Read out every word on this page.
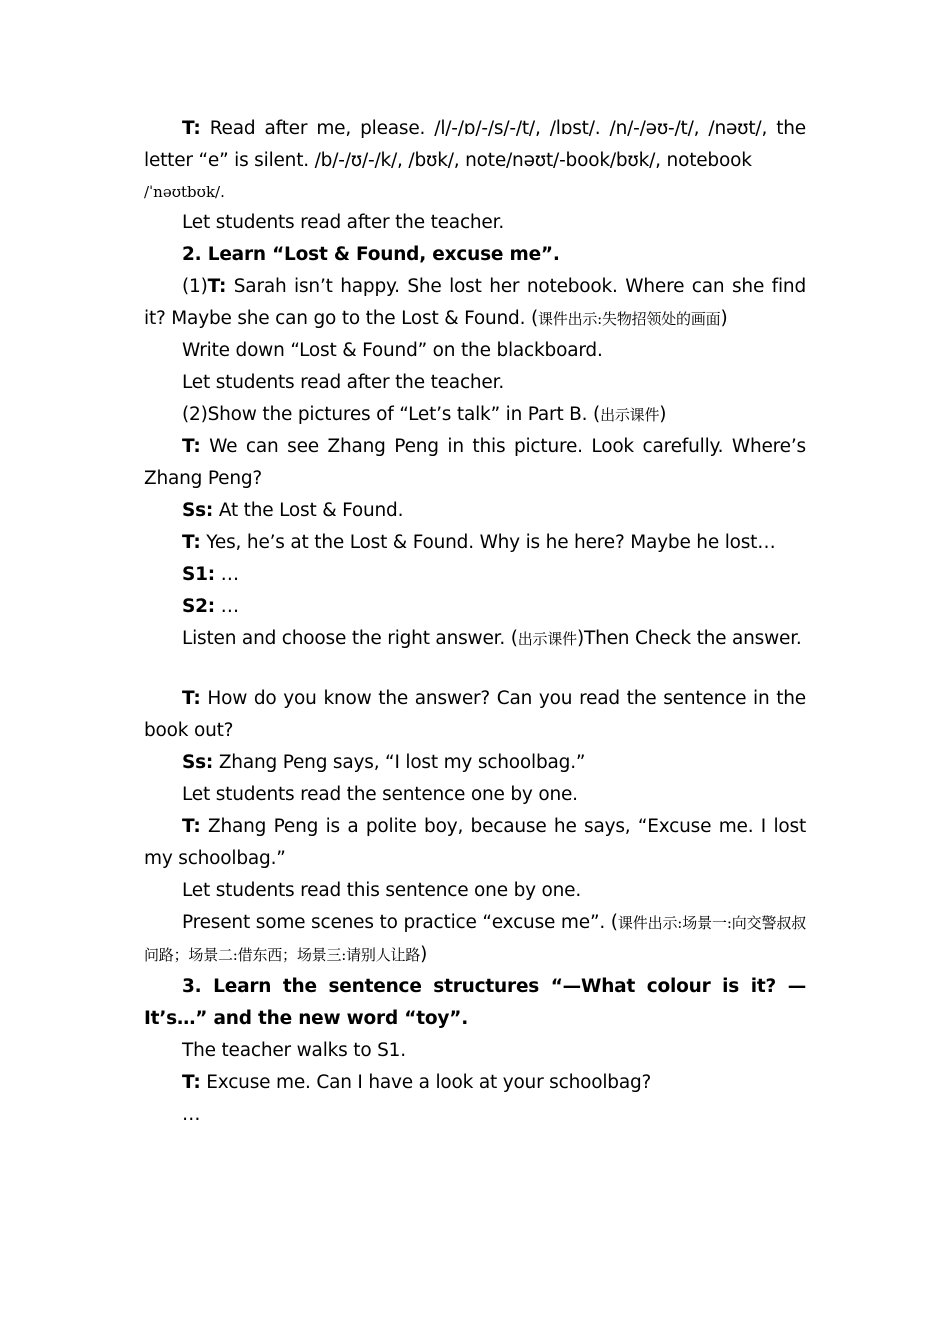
T: Read after me, please. /l/-/ɒ/-/s/-/t/, /lɒst/. /n/-/əʊ-/t/, /nəʊt/, the letter “e” is silent. /b/-/ʊ/-/k/, /bʊk/, note/nəʊt/-book/bʊk/, notebook

/ˈnəʊtbʊk/.

Let students read after the teacher.

2. Learn “Lost & Found, excuse me”.

(1)T: Sarah isn’t happy. She lost her notebook. Where can she find it? Maybe she can go to the Lost & Found. (课件出示:失物招领处的画面)

Write down “Lost & Found” on the blackboard.

Let students read after the teacher.

(2)Show the pictures of “Let’s talk” in Part B. (出示课件)

T: We can see Zhang Peng in this picture. Look carefully. Where’s Zhang Peng?

Ss: At the Lost & Found.

T: Yes, he’s at the Lost & Found. Why is he here? Maybe he lost…

S1: …

S2: …

Listen and choose the right answer. (出示课件)Then Check the answer.

T: How do you know the answer? Can you read the sentence in the book out?

Ss: Zhang Peng says, “I lost my schoolbag.”

Let students read the sentence one by one.

T: Zhang Peng is a polite boy, because he says, “Excuse me. I lost my schoolbag.”

Let students read this sentence one by one.

Present some scenes to practice “excuse me”. (课件出示:场景一:向交警叔叔问路；场景二:借东西；场景三:请别人让路)

3. Learn the sentence structures “—What colour is it? —It’s…” and the new word “toy”.

The teacher walks to S1.

T: Excuse me. Can I have a look at your schoolbag?

…
